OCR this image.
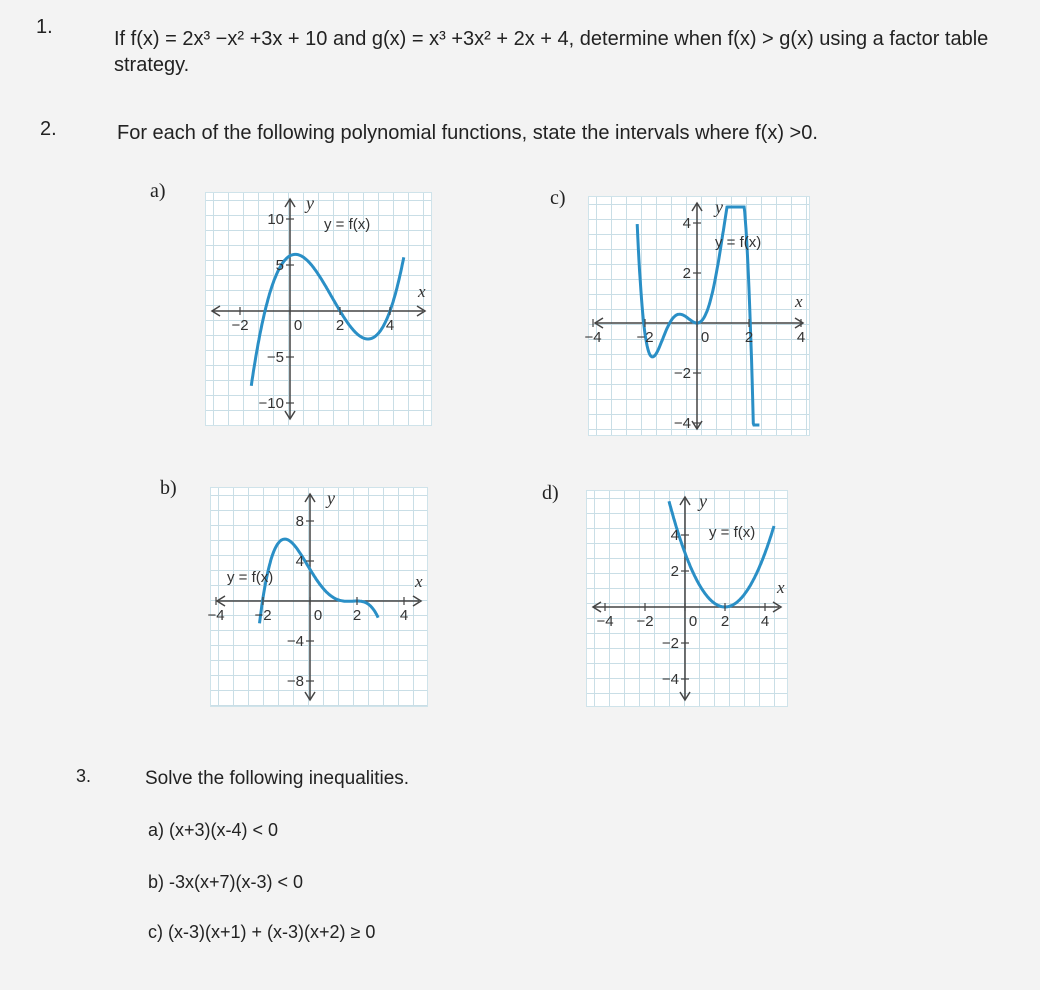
1.
If f(x) = 2x³ −x² +3x + 10 and g(x) = x³ +3x² + 2x + 4, determine when f(x) > g(x) using a factor table strategy.
2.	For each of the following polynomial functions, state the intervals where f(x) >0.
a)	c)
b)	d)
y = f(x)
x
y
−2	0 2	4
10
5
−5
−10
y = f(x)
x
y
−4 −2	0 2	4
4
2
−2
−4
y = f(x)	x
y
−4 −2	0 2	4
8
4
−4
−8
y = f(x)
x
y
−4 −2 0 2 4
4
2
−2
−4
3.	Solve the following inequalities.
a) (x+3)(x-4) < 0
b) -3x(x+7)(x-3) < 0
c) (x-3)(x+1) + (x-3)(x+2) ≥ 0
